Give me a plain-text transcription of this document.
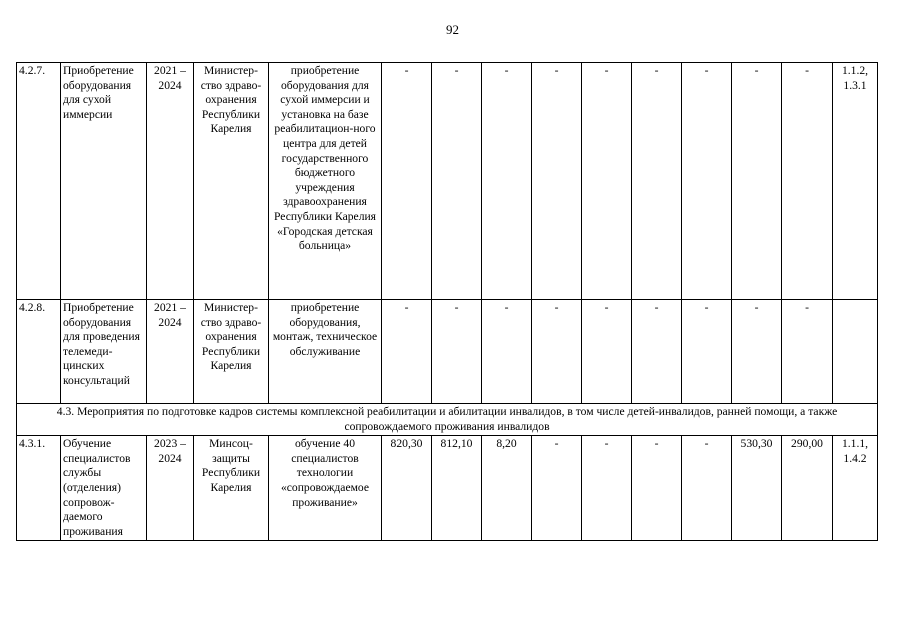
92
4.2.7.	Приобретение оборудования для сухой иммерсии	2021 – 2024	Министер-ство здраво-охранения Республики Карелия	приобретение оборудования для сухой иммерсии и установка на базе реабилитацион-ного центра для детей государственного бюджетного учреждения здравоохранения Республики Карелия «Городская детская больница»	-	-	-	-	-	-	-	-	-	1.1.2, 1.3.1
4.2.8.	Приобретение оборудования для проведения телемеди-цинских консультаций	2021 – 2024	Министер-ство здраво-охранения Республики Карелия	приобретение оборудования, монтаж, техническое обслуживание	-	-	-	-	-	-	-	-	-	
4.3. Мероприятия по подготовке кадров системы комплексной реабилитации и абилитации инвалидов, в том числе детей-инвалидов, ранней помощи, а также сопровождаемого проживания инвалидов														
4.3.1.	Обучение специалистов службы (отделения) сопровож-даемого проживания	2023 – 2024	Минсоц-защиты Республики Карелия	обучение 40 специалистов технологии «сопровождаемое проживание»	820,30	812,10	8,20	-	-	-	-	530,30	290,00	1.1.1, 1.4.2
